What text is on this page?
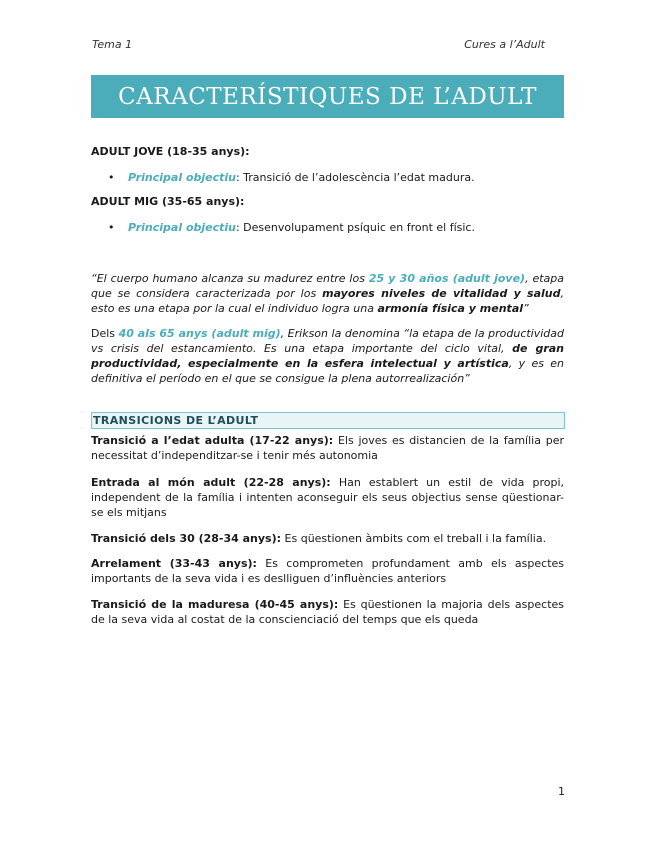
Tema 1	Cures a l’Adult
CARACTERÍSTIQUES DE L’ADULT
ADULT JOVE (18-35 anys):
• Principal objectiu: Transició de l’adolescència l’edat madura.
ADULT MIG (35-65 anys):
• Principal objectiu: Desenvolupament psíquic en front el físic.
“El cuerpo humano alcanza su madurez entre los 25 y 30 años (adult jove), etapa que se considera caracterizada por los mayores niveles de vitalidad y salud, esto es una etapa por la cual el individuo logra una armonía física y mental”
Dels 40 als 65 anys (adult mig), Erikson la denomina “la etapa de la productividad vs crisis del estancamiento. Es una etapa importante del ciclo vital, de gran productividad, especialmente en la esfera intelectual y artística, y es en definitiva el período en el que se consigue la plena autorrealización”
TRANSICIONS DE L’ADULT
Transició a l’edat adulta (17-22 anys): Els joves es distancien de la família per necessitat d’independitzar-se i tenir més autonomia
Entrada al món adult (22-28 anys): Han establert un estil de vida propi, independent de la família i intenten aconseguir els seus objectius sense qüestionar-se els mitjans
Transició dels 30 (28-34 anys): Es qüestionen àmbits com el treball i la família.
Arrelament (33-43 anys): Es comprometen profundament amb els aspectes importants de la seva vida i es deslliguen d’influències anteriors
Transició de la maduresa (40-45 anys): Es qüestionen la majoria dels aspectes de la seva vida al costat de la conscienciació del temps que els queda
1
